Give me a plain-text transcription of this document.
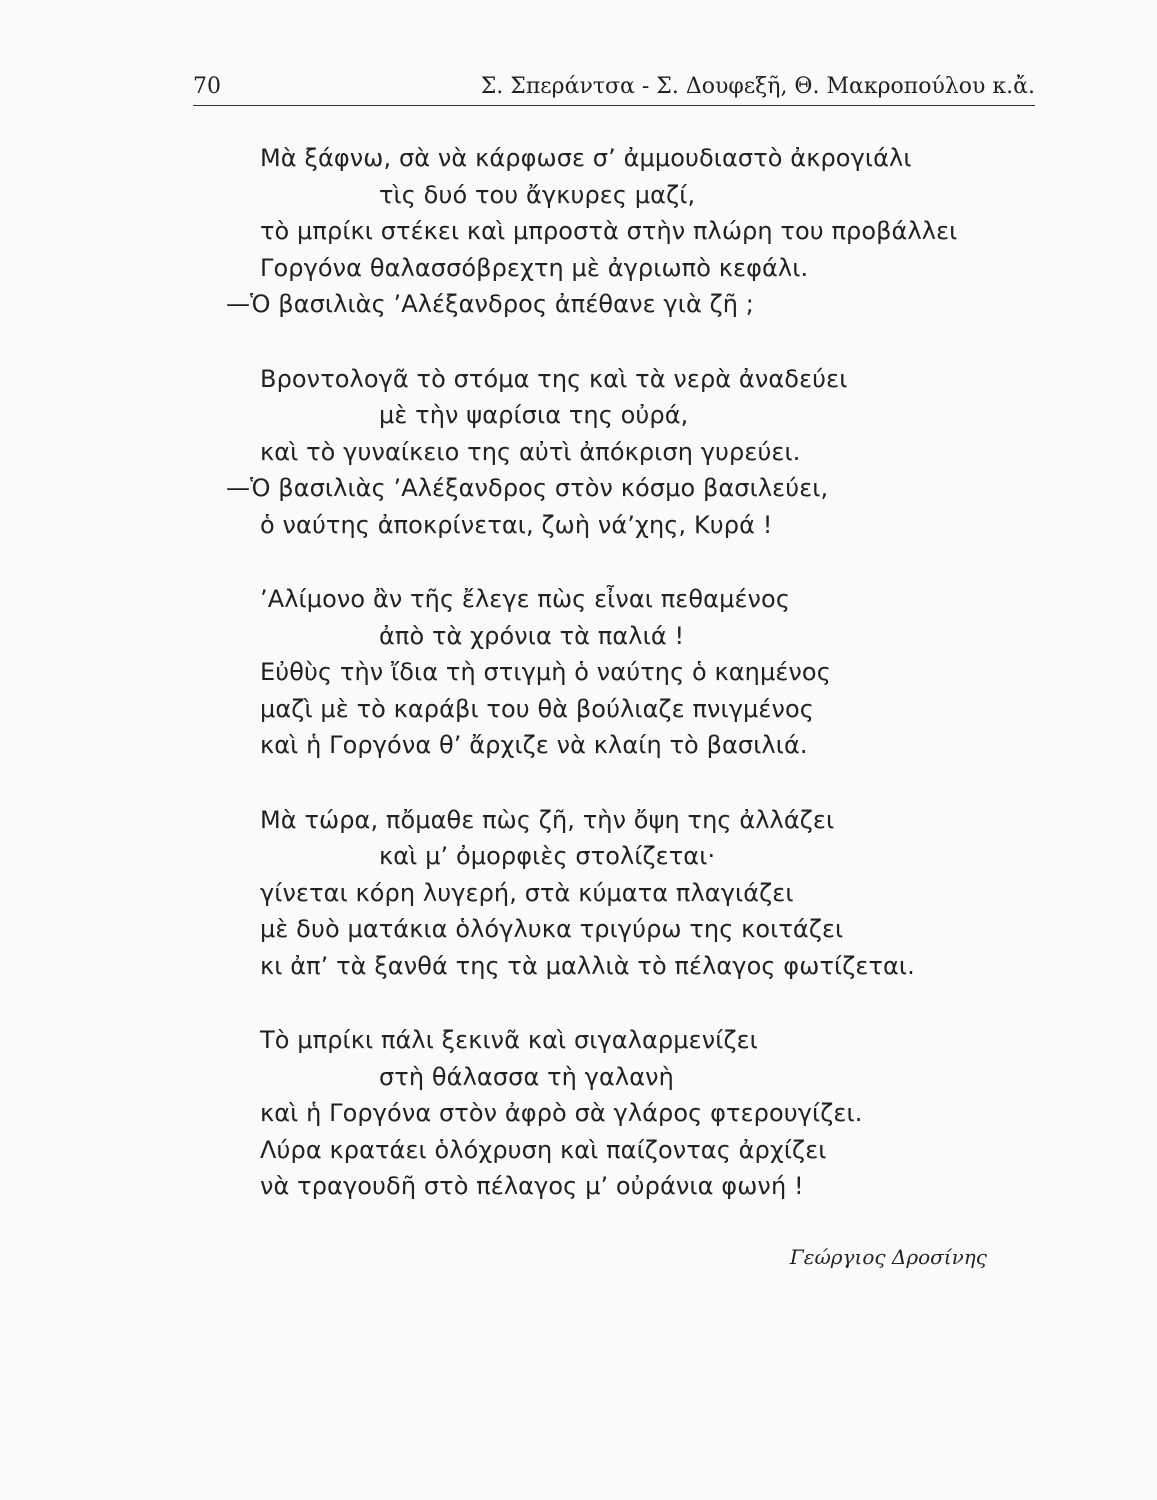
70	Σ. Σπεράντσα - Σ. Δουφεξῆ, Θ. Μακροπούλου κ.ἄ.
Μὰ ξάφνω, σὰ νὰ κάρφωσε σ’ ἀμμουδιαστὸ ἀκρογιάλι
τὶς δυό του ἄγκυρες μαζί,
τὸ μπρίκι στέκει καὶ μπροστὰ στὴν πλώρη του προβάλλει
Γοργόνα θαλασσόβρεχτη μὲ ἀγριωπὸ κεφάλι.
—Ὁ βασιλιὰς ’Αλέξανδρος ἀπέθανε γιὰ ζῆ ;
Βροντολογᾶ τὸ στόμα της καὶ τὰ νερὰ ἀναδεύει
μὲ τὴν ψαρίσια της οὐρά,
καὶ τὸ γυναίκειο της αὐτὶ ἀπόκριση γυρεύει.
—Ὁ βασιλιὰς ’Αλέξανδρος στὸν κόσμο βασιλεύει,
ὁ ναύτης ἀποκρίνεται, ζωὴ νά’χης, Κυρά !
’Αλίμονο ἂν τῆς ἔλεγε πὼς εἶναι πεθαμένος
ἀπὸ τὰ χρόνια τὰ παλιά !
Εὐθὺς τὴν ἴδια τὴ στιγμὴ ὁ ναύτης ὁ καημένος
μαζὶ μὲ τὸ καράβι του θὰ βούλιαζε πνιγμένος
καὶ ἡ Γοργόνα θ’ ἄρχιζε νὰ κλαίη τὸ βασιλιά.
Μὰ τώρα, πὄμαθε πὼς ζῆ, τὴν ὄψη της ἀλλάζει
καὶ μ’ ὀμορφιὲς στολίζεται·
γίνεται κόρη λυγερή, στὰ κύματα πλαγιάζει
μὲ δυὸ ματάκια ὁλόγλυκα τριγύρω της κοιτάζει
κι ἀπ’ τὰ ξανθά της τὰ μαλλιὰ τὸ πέλαγος φωτίζεται.
Τὸ μπρίκι πάλι ξεκινᾶ καὶ σιγαλαρμενίζει
στὴ θάλασσα τὴ γαλανὴ
καὶ ἡ Γοργόνα στὸν ἀφρὸ σὰ γλάρος φτερουγίζει.
Λύρα κρατάει ὁλόχρυση καὶ παίζοντας ἀρχίζει
νὰ τραγουδῆ στὸ πέλαγος μ’ οὐράνια φωνή !
Γεώργιος Δροσίνης
